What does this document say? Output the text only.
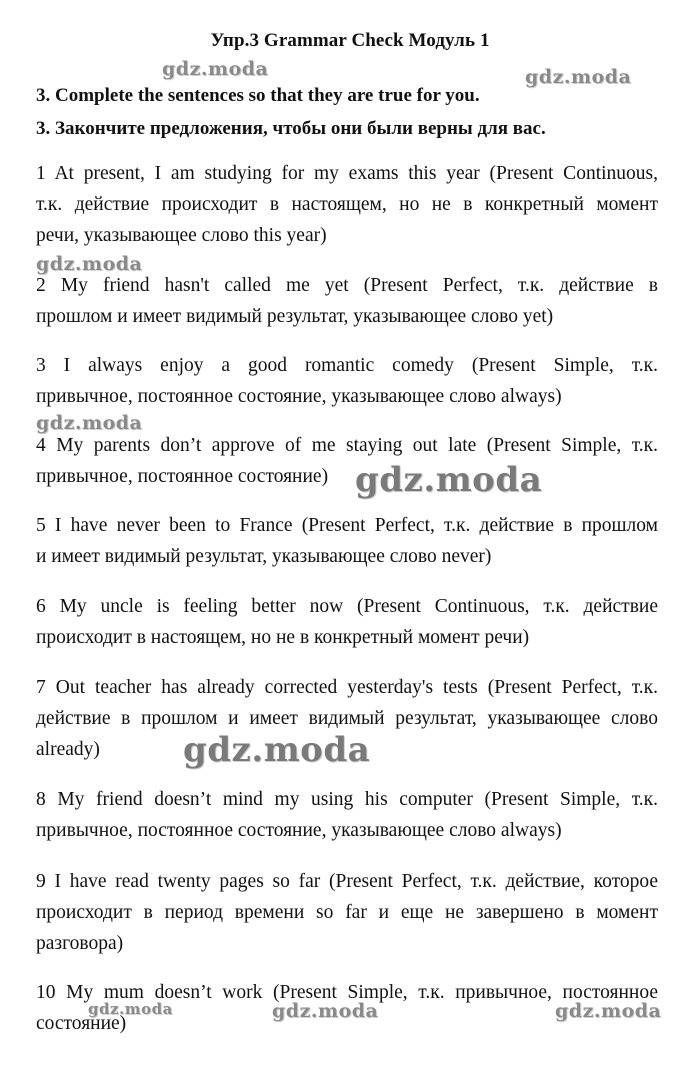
Упр.3 Grammar Check Модуль 1
3. Complete the sentences so that they are true for you.
3. Закончите предложения, чтобы они были верны для вас.
1 At present, I am studying for my exams this year (Present Continuous,
т.к. действие происходит в настоящем, но не в конкретный момент
речи, указывающее слово this year)
2 My friend hasn't called me yet (Present Perfect, т.к. действие в
прошлом и имеет видимый результат, указывающее слово yet)
3 I always enjoy a good romantic comedy (Present Simple, т.к.
привычное, постоянное состояние, указывающее слово always)
4 My parents don’t approve of me staying out late (Present Simple, т.к.
привычное, постоянное состояние)
5 I have never been to France (Present Perfect, т.к. действие в прошлом
и имеет видимый результат, указывающее слово never)
6 My uncle is feeling better now (Present Continuous, т.к. действие
происходит в настоящем, но не в конкретный момент речи)
7 Out teacher has already corrected yesterday's tests (Present Perfect, т.к.
действие в прошлом и имеет видимый результат, указывающее слово
already)
8 My friend doesn’t mind my using his computer (Present Simple, т.к.
привычное, постоянное состояние, указывающее слово always)
9 I have read twenty pages so far (Present Perfect, т.к. действие, которое
происходит в период времени so far и еще не завершено в момент
разговора)
10 My mum doesn’t work (Present Simple, т.к. привычное, постоянное
состояние)
gdz.moda	gdz.moda
gdz.moda
gdz.moda
gdz.moda
gdz.moda
gdz.moda	gdz.moda	gdz.moda
